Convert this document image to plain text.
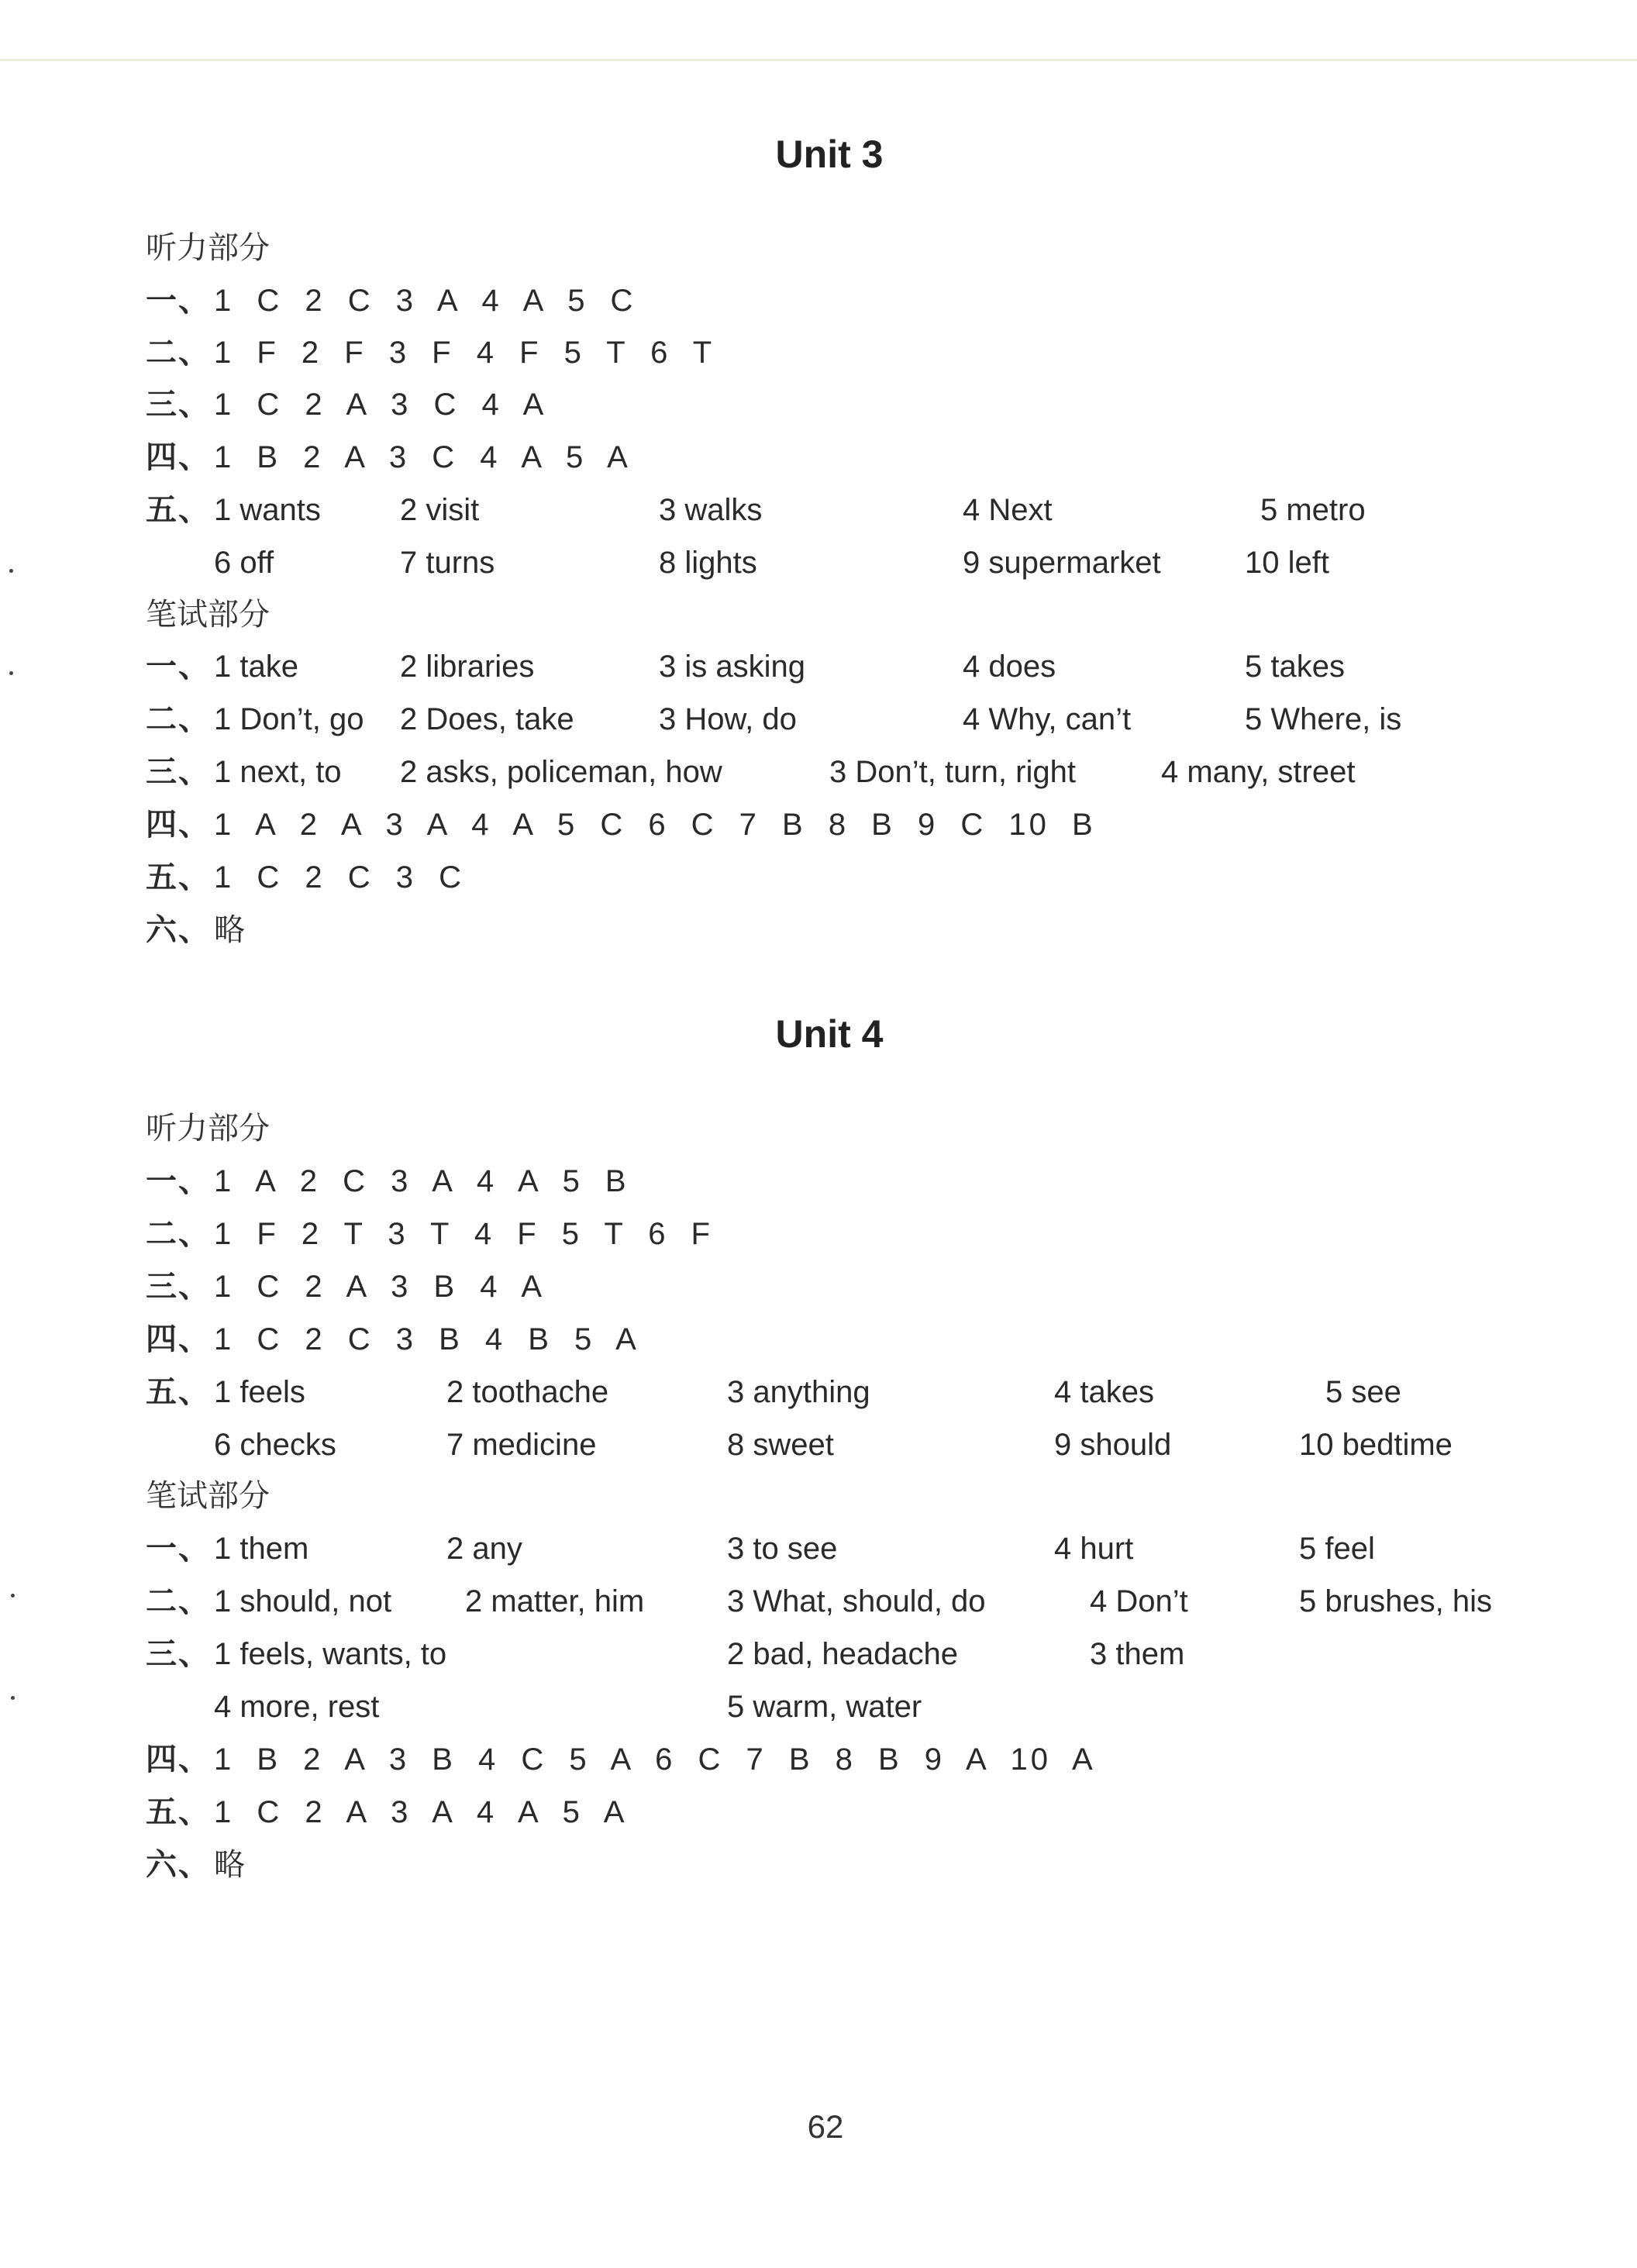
Unit 3
听力部分
一、 1 C 2 C 3 A 4 A 5 C
二、 1 F 2 F 3 F 4 F 5 T 6 T
三、 1 C 2 A 3 C 4 A
四、 1 B 2 A 3 C 4 A 5 A
五、 1 wants	2 visit	3 walks	4 Next	5 metro
6 off	7 turns	8 lights	9 supermarket	10 left
笔试部分
一、 1 take	2 libraries	3 is asking	4 does	5 takes
二、 1 Don’t, go 2 Does, take	3 How, do	4 Why, can’t	5 Where, is
三、 1 next, to 2 asks, policeman, how	3 Don’t, turn, right	4 many, street
四、 1 A 2 A 3 A 4 A 5 C 6 C 7 B 8 B 9 C 10 B
五、 1 C 2 C 3 C
六、 略
Unit 4
听力部分
一、 1 A 2 C 3 A 4 A 5 B
二、 1 F 2 T 3 T 4 F 5 T 6 F
三、 1 C 2 A 3 B 4 A
四、 1 C 2 C 3 B 4 B 5 A
五、 1 feels	2 toothache	3 anything	4 takes	5 see
6 checks	7 medicine	8 sweet	9 should	10 bedtime
笔试部分
一、 1 them	2 any	3 to see	4 hurt	5 feel
二、 1 should, not 2 matter, him	3 What, should, do	4 Don’t	5 brushes, his
三、 1 feels, wants, to	2 bad, headache	3 them
4 more, rest	5 warm, water
四、 1 B 2 A 3 B 4 C 5 A 6 C 7 B 8 B 9 A 10 A
五、 1 C 2 A 3 A 4 A 5 A
六、 略
62
